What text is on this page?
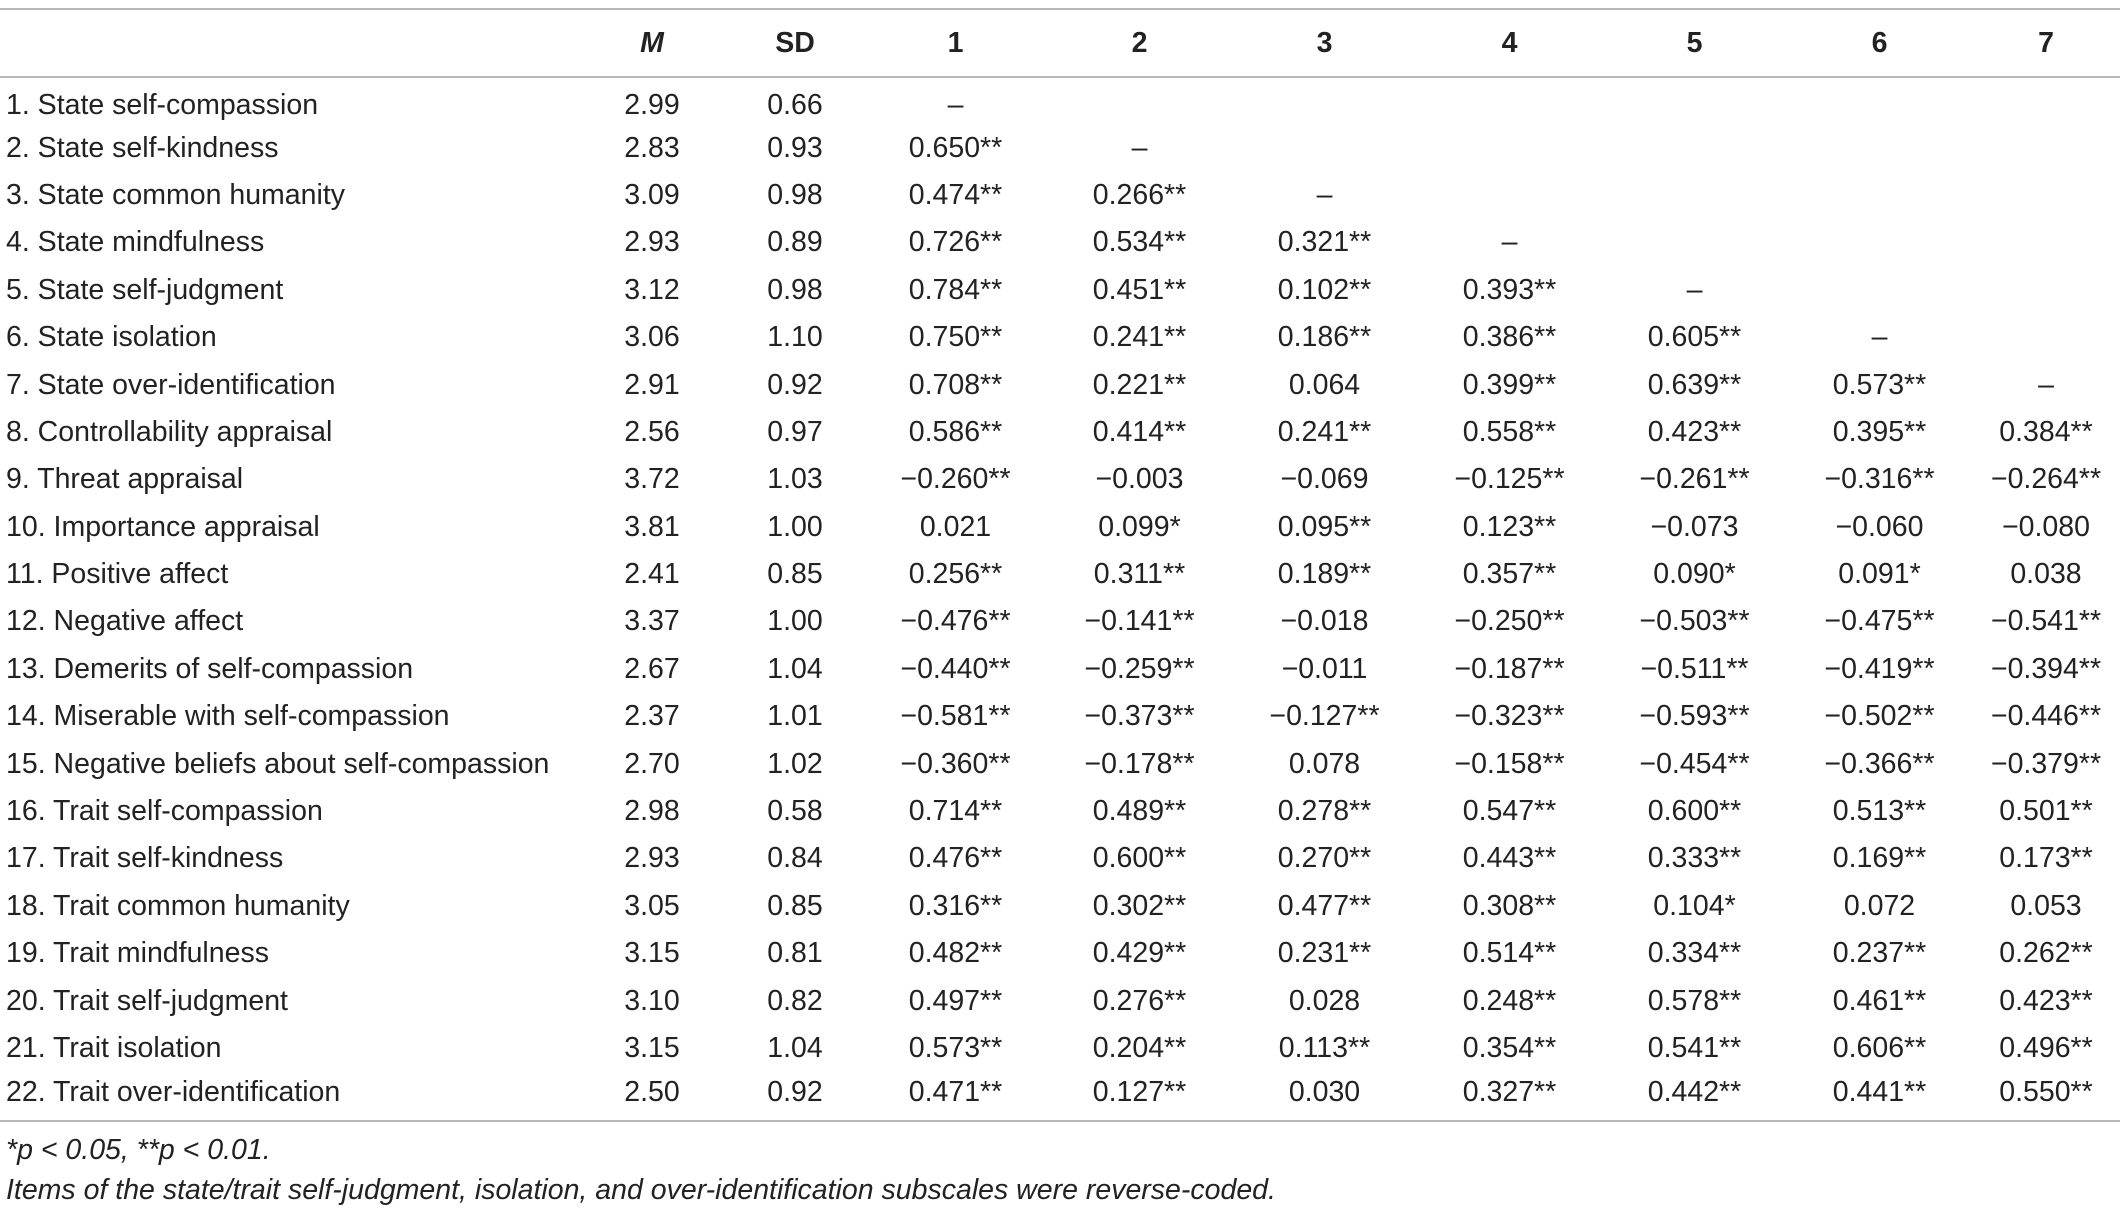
	M	SD	1	2	3	4	5	6	7
1. State self-compassion	2.99	0.66	–						
2. State self-kindness	2.83	0.93	0.650**	–					
3. State common humanity	3.09	0.98	0.474**	0.266**	–				
4. State mindfulness	2.93	0.89	0.726**	0.534**	0.321**	–			
5. State self-judgment	3.12	0.98	0.784**	0.451**	0.102**	0.393**	–		
6. State isolation	3.06	1.10	0.750**	0.241**	0.186**	0.386**	0.605**	–	
7. State over-identification	2.91	0.92	0.708**	0.221**	0.064	0.399**	0.639**	0.573**	–
8. Controllability appraisal	2.56	0.97	0.586**	0.414**	0.241**	0.558**	0.423**	0.395**	0.384**
9. Threat appraisal	3.72	1.03	−0.260**	−0.003	−0.069	−0.125**	−0.261**	−0.316**	−0.264**
10. Importance appraisal	3.81	1.00	0.021	0.099*	0.095**	0.123**	−0.073	−0.060	−0.080
11. Positive affect	2.41	0.85	0.256**	0.311**	0.189**	0.357**	0.090*	0.091*	0.038
12. Negative affect	3.37	1.00	−0.476**	−0.141**	−0.018	−0.250**	−0.503**	−0.475**	−0.541**
13. Demerits of self-compassion	2.67	1.04	−0.440**	−0.259**	−0.011	−0.187**	−0.511**	−0.419**	−0.394**
14. Miserable with self-compassion	2.37	1.01	−0.581**	−0.373**	−0.127**	−0.323**	−0.593**	−0.502**	−0.446**
15. Negative beliefs about self-compassion	2.70	1.02	−0.360**	−0.178**	0.078	−0.158**	−0.454**	−0.366**	−0.379**
16. Trait self-compassion	2.98	0.58	0.714**	0.489**	0.278**	0.547**	0.600**	0.513**	0.501**
17. Trait self-kindness	2.93	0.84	0.476**	0.600**	0.270**	0.443**	0.333**	0.169**	0.173**
18. Trait common humanity	3.05	0.85	0.316**	0.302**	0.477**	0.308**	0.104*	0.072	0.053
19. Trait mindfulness	3.15	0.81	0.482**	0.429**	0.231**	0.514**	0.334**	0.237**	0.262**
20. Trait self-judgment	3.10	0.82	0.497**	0.276**	0.028	0.248**	0.578**	0.461**	0.423**
21. Trait isolation	3.15	1.04	0.573**	0.204**	0.113**	0.354**	0.541**	0.606**	0.496**
22. Trait over-identification	2.50	0.92	0.471**	0.127**	0.030	0.327**	0.442**	0.441**	0.550**
*p < 0.05, **p < 0.01.
Items of the state/trait self-judgment, isolation, and over-identification subscales were reverse-coded.
